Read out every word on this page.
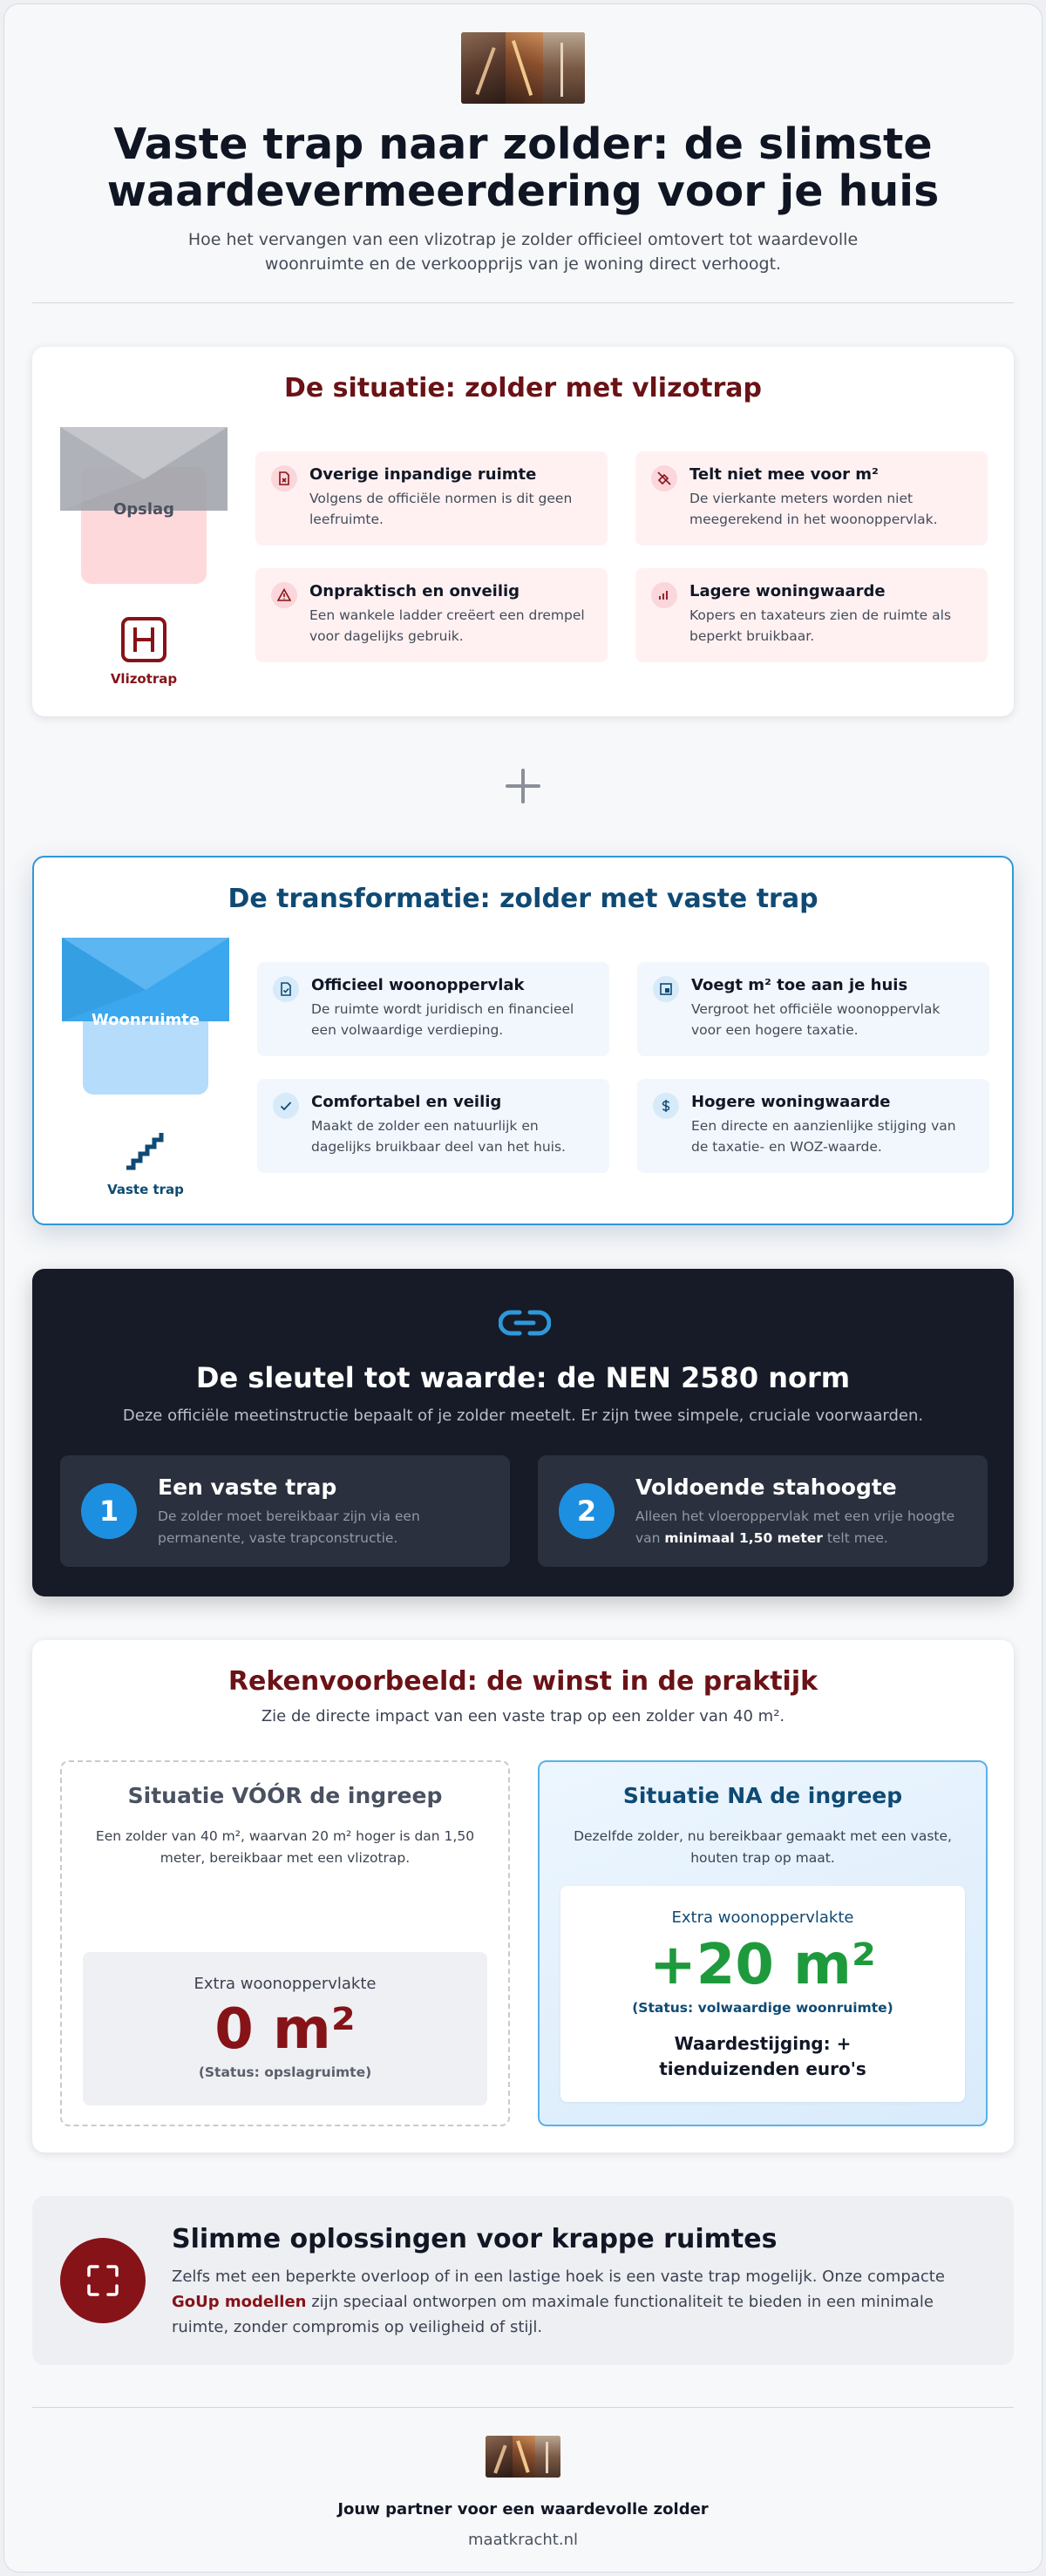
Vaste trap naar zolder: de slimste waardevermeerdering voor je huis

Hoe het vervangen van een vlizotrap je zolder officieel omtovert tot waardevolle woonruimte en de verkoopprijs van je woning direct verhoogt.

De situatie: zolder met vlizotrap
Opslag
Vlizotrap
Overige inpandige ruimte

Volgens de officiële normen is dit geen leefruimte.

Telt niet mee voor m²

De vierkante meters worden niet meegerekend in het woonoppervlak.

Onpraktisch en onveilig

Een wankele ladder creëert een drempel voor dagelijks gebruik.

Lagere woningwaarde

Kopers en taxateurs zien de ruimte als beperkt bruikbaar.

De transformatie: zolder met vaste trap
Woonruimte
Vaste trap
Officieel woonoppervlak

De ruimte wordt juridisch en financieel een volwaardige verdieping.

Voegt m² toe aan je huis

Vergroot het officiële woonoppervlak voor een hogere taxatie.

Comfortabel en veilig

Maakt de zolder een natuurlijk en dagelijks bruikbaar deel van het huis.

Hogere woningwaarde

Een directe en aanzienlijke stijging van de taxatie- en WOZ-waarde.

De sleutel tot waarde: de NEN 2580 norm

Deze officiële meetinstructie bepaalt of je zolder meetelt. Er zijn twee simpele, cruciale voorwaarden.

1
Een vaste trap

De zolder moet bereikbaar zijn via een permanente, vaste trapconstructie.

2
Voldoende stahoogte

Alleen het vloeroppervlak met een vrije hoogte van minimaal 1,50 meter telt mee.

Rekenvoorbeeld: de winst in de praktijk

Zie de directe impact van een vaste trap op een zolder van 40 m².

Situatie VÓÓR de ingreep

Een zolder van 40 m², waarvan 20 m² hoger is dan 1,50 meter, bereikbaar met een vlizotrap.

Extra woonoppervlakte
0 m²
(Status: opslagruimte)
Situatie NA de ingreep

Dezelfde zolder, nu bereikbaar gemaakt met een vaste, houten trap op maat.

Extra woonoppervlakte
+20 m²
(Status: volwaardige woonruimte)
Waardestijging: + tienduizenden euro's
Slimme oplossingen voor krappe ruimtes

Zelfs met een beperkte overloop of in een lastige hoek is een vaste trap mogelijk. Onze compacte GoUp modellen zijn speciaal ontworpen om maximale functionaliteit te bieden in een minimale ruimte, zonder compromis op veiligheid of stijl.

Jouw partner voor een waardevolle zolder
maatkracht.nl
